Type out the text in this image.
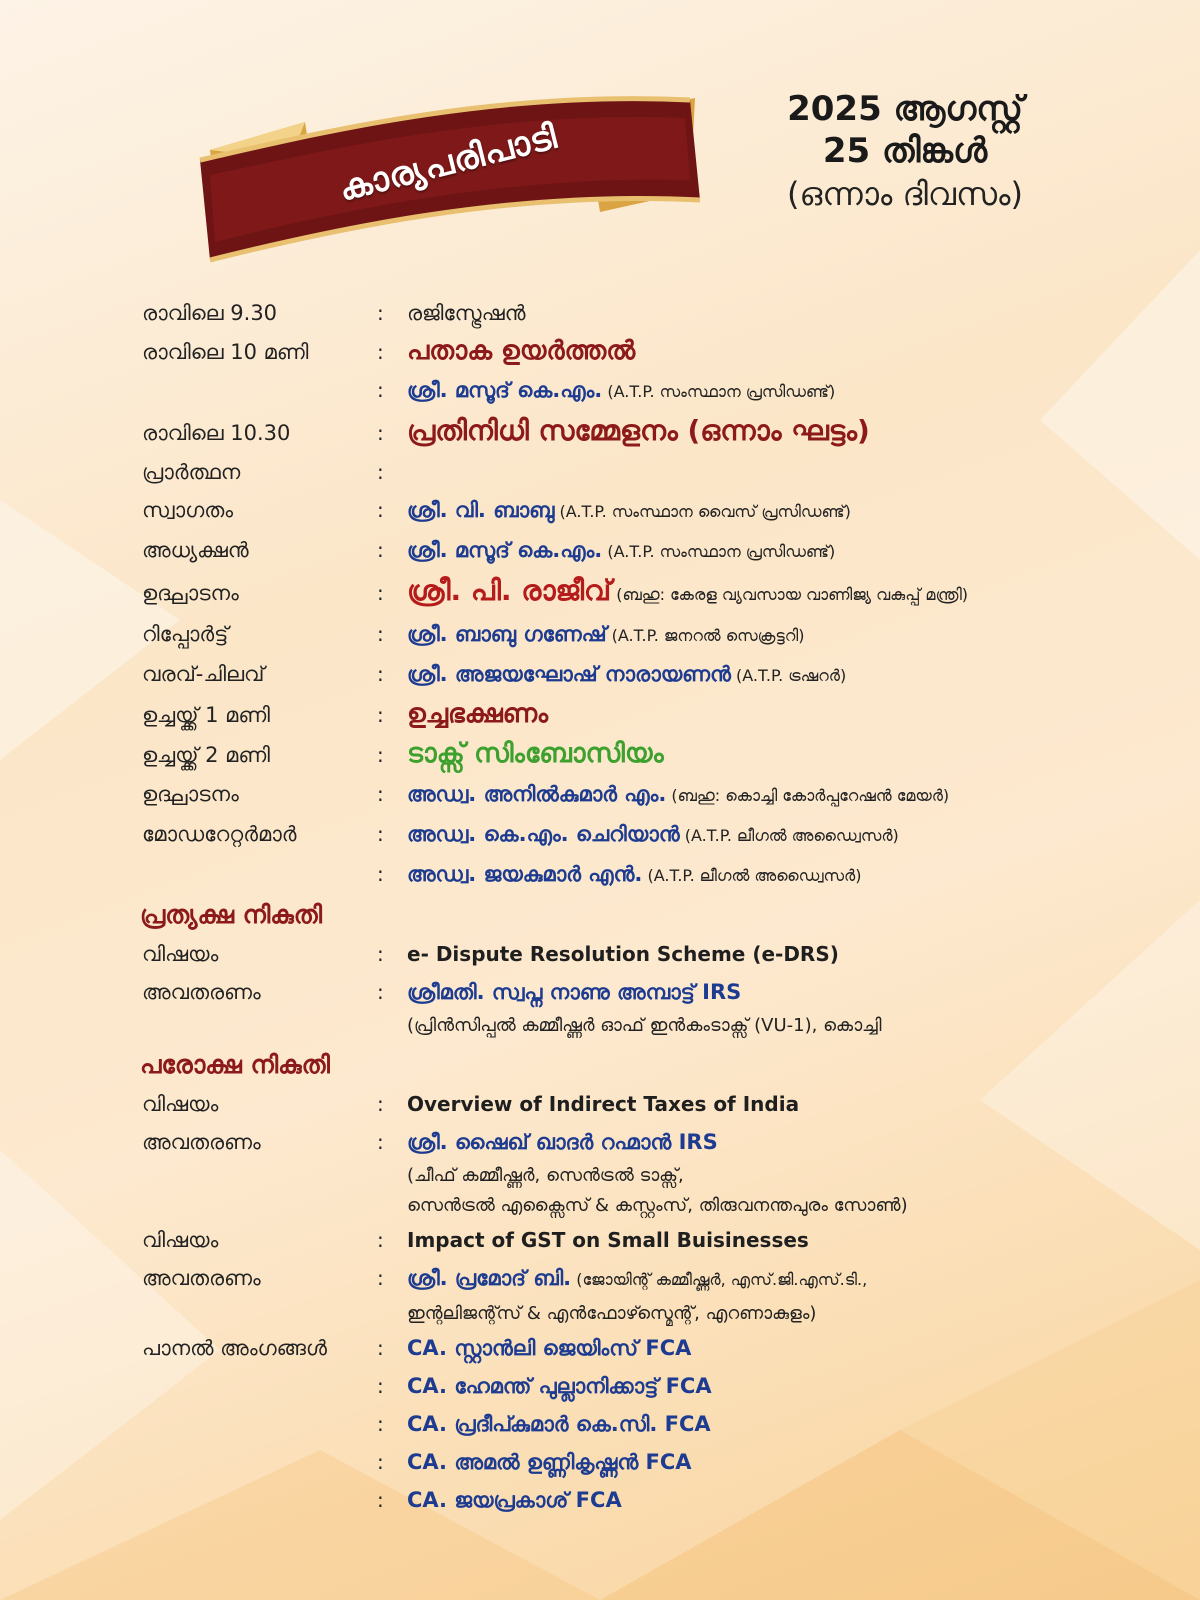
കാര്യപരിപാടി
2025 ആഗസ്റ്റ്
25 തിങ്കൾ
(ഒന്നാം ദിവസം)
രാവിലെ 9.30	:	രജിസ്ട്രേഷൻ
രാവിലെ 10 മണി	: പതാക ഉയർത്തൽ
:	ശ്രീ. മസൂദ് കെ.എം. (A.T.P. സംസ്ഥാന പ്രസിഡണ്ട്)
രാവിലെ 10.30	: പ്രതിനിധി സമ്മേളനം (ഒന്നാം ഘട്ടം)
പ്രാർത്ഥന	:
സ്വാഗതം	:	ശ്രീ. വി. ബാബു (A.T.P. സംസ്ഥാന വൈസ് പ്രസിഡണ്ട്)
അധ്യക്ഷൻ	:	ശ്രീ. മസൂദ് കെ.എം. (A.T.P. സംസ്ഥാന പ്രസിഡണ്ട്)
ഉദ്ഘാടനം	: ശ്രീ. പി. രാജീവ് (ബഹു: കേരള വ്യവസായ വാണിജ്യ വകുപ്പ് മന്ത്രി)
റിപ്പോർട്ട്	:	ശ്രീ. ബാബു ഗണേഷ് (A.T.P. ജനറൽ സെക്രട്ടറി)
വരവ്-ചിലവ്	:	ശ്രീ. അജയഘോഷ് നാരായണൻ (A.T.P. ട്രഷറർ)
ഉച്ചയ്ക്ക് 1 മണി	: ഉച്ചഭക്ഷണം
ഉച്ചയ്ക്ക് 2 മണി	: ടാക്സ് സിംബോസിയം
ഉദ്ഘാടനം	:	അഡ്വ. അനിൽകുമാർ എം. (ബഹു: കൊച്ചി കോർപ്പറേഷൻ മേയർ)
മോഡറേറ്റർമാർ	:	അഡ്വ. കെ.എം. ചെറിയാൻ (A.T.P. ലീഗൽ അഡ്വൈസർ)
:	അഡ്വ. ജയകുമാർ എൻ. (A.T.P. ലീഗൽ അഡ്വൈസർ)
പ്രത്യക്ഷ നികുതി
വിഷയം	:	e- Dispute Resolution Scheme (e-DRS)
അവതരണം	:	ശ്രീമതി. സ്വപ്ന നാണു അമ്പാട്ട് IRS
(പ്രിൻസിപ്പൽ കമ്മീഷ്ണർ ഓഫ് ഇൻകംടാക്സ് (VU-1), കൊച്ചി
പരോക്ഷ നികുതി
വിഷയം	:	Overview of Indirect Taxes of India
അവതരണം	:	ശ്രീ. ഷൈഖ് ഖാദർ റഹ്മാൻ IRS
(ചീഫ് കമ്മീഷ്ണർ, സെൻട്രൽ ടാക്സ്,
സെൻട്രൽ എക്സൈസ് & കസ്റ്റംസ്, തിരുവനന്തപുരം സോൺ)
വിഷയം	:	Impact of GST on Small Buisinesses
അവതരണം	:	ശ്രീ. പ്രമോദ് ബി. (ജോയിന്റ് കമ്മീഷ്ണർ, എസ്.ജി.എസ്.ടി.,
ഇന്റലിജന്റ്സ് & എൻഫോഴ്സ്മെന്റ്, എറണാകുളം)
പാനൽ അംഗങ്ങൾ	:	CA. സ്റ്റാൻലി ജെയിംസ് FCA
:	CA. ഹേമന്ത് പുല്ലാനിക്കാട്ട് FCA
:	CA. പ്രദീപ്കുമാർ കെ.സി. FCA
:	CA. അമൽ ഉണ്ണികൃഷ്ണൻ FCA
:	CA. ജയപ്രകാശ് FCA
